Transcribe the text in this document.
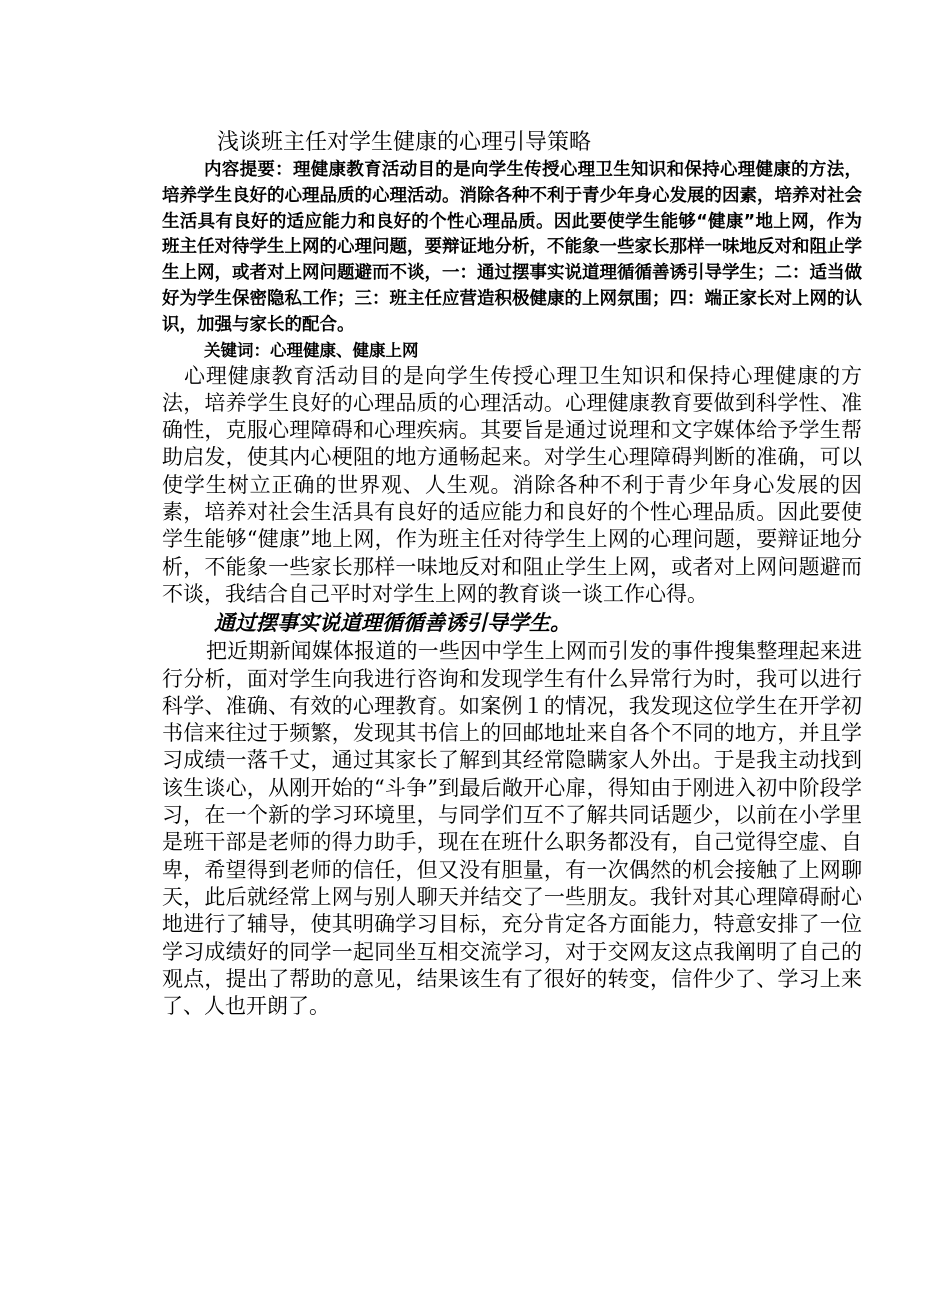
浅谈班主任对学生健康的心理引导策略

内容提要：理健康教育活动目的是向学生传授心理卫生知识和保持心理健康的方法，培养学生良好的心理品质的心理活动。消除各种不利于青少年身心发展的因素，培养对社会生活具有良好的适应能力和良好的个性心理品质。因此要使学生能够“健康”地上网，作为班主任对待学生上网的心理问题，要辩证地分析，不能象一些家长那样一味地反对和阻止学生上网，或者对上网问题避而不谈，一：通过摆事实说道理循循善诱引导学生；二：适当做好为学生保密隐私工作；三：班主任应营造积极健康的上网氛围；四：端正家长对上网的认识，加强与家长的配合。

关键词：心理健康、健康上网

心理健康教育活动目的是向学生传授心理卫生知识和保持心理健康的方法，培养学生良好的心理品质的心理活动。心理健康教育要做到科学性、准确性，克服心理障碍和心理疾病。其要旨是通过说理和文字媒体给予学生帮助启发，使其内心梗阻的地方通畅起来。对学生心理障碍判断的准确，可以使学生树立正确的世界观、人生观。消除各种不利于青少年身心发展的因素，培养对社会生活具有良好的适应能力和良好的个性心理品质。因此要使学生能够“健康”地上网，作为班主任对待学生上网的心理问题，要辩证地分析，不能象一些家长那样一味地反对和阻止学生上网，或者对上网问题避而不谈，我结合自己平时对学生上网的教育谈一谈工作心得。

通过摆事实说道理循循善诱引导学生。

把近期新闻媒体报道的一些因中学生上网而引发的事件搜集整理起来进行分析，面对学生向我进行咨询和发现学生有什么异常行为时，我可以进行科学、准确、有效的心理教育。如案例１的情况，我发现这位学生在开学初书信来往过于频繁，发现其书信上的回邮地址来自各个不同的地方，并且学习成绩一落千丈，通过其家长了解到其经常隐瞒家人外出。于是我主动找到该生谈心，从刚开始的“斗争”到最后敞开心扉，得知由于刚进入初中阶段学习，在一个新的学习环境里，与同学们互不了解共同话题少，以前在小学里是班干部是老师的得力助手，现在在班什么职务都没有，自己觉得空虚、自卑，希望得到老师的信任，但又没有胆量，有一次偶然的机会接触了上网聊天，此后就经常上网与别人聊天并结交了一些朋友。我针对其心理障碍耐心地进行了辅导，使其明确学习目标，充分肯定各方面能力，特意安排了一位学习成绩好的同学一起同坐互相交流学习，对于交网友这点我阐明了自己的观点，提出了帮助的意见，结果该生有了很好的转变，信件少了、学习上来了、人也开朗了。
